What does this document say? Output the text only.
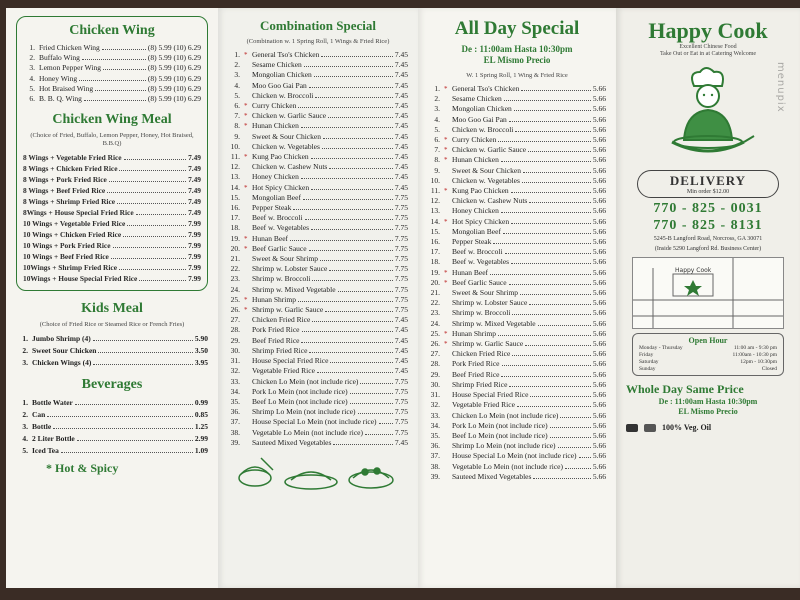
Chicken Wing
1. Fried Chicken Wing	(8) 5.99 (10) 6.29
2. Buffalo Wing	(8) 5.99 (10) 6.29
3. Lemon Pepper Wing	(8) 5.99 (10) 6.29
4. Honey Wing	(8) 5.99 (10) 6.29
5. Hot Braised Wing	(8) 5.99 (10) 6.29
6. B. B. Q. Wing	(8) 5.99 (10) 6.29
Chicken Wing Meal
(Choice of Fried, Buffalo, Lemon Pepper, Honey, Hot Braised, B.B.Q)
8 Wings + Vegetable Fried Rice	7.49
8 Wings + Chicken Fried Rice	7.49
8 Wings + Pork Fried Rice	7.49
8 Wings + Beef Fried Rice	7.49
8 Wings + Shrimp Fried Rice	7.49
8Wings + House Special Fried Rice	7.49
10 Wings + Vegetable Fried Rice	7.99
10 Wings + Chicken Fried Rice	7.99
10 Wings + Pork Fried Rice	7.99
10 Wings + Beef Fried Rice	7.99
10Wings + Shrimp Fried Rice	7.99
10Wings + House Special Fried Rice	7.99
Kids Meal
(Choice of Fried Rice or Steamed Rice or French Fries)
1. Jumbo Shrimp (4)	5.90
2. Sweet Sour Chicken	3.50
3. Chicken Wings (4)	3.95
Beverages
1. Bottle Water	0.99
2. Can	0.85
3. Bottle	1.25
4. 2 Liter Bottle	2.99
5. Iced Tea	1.09
* Hot & Spicy
Combination Special
(Combination w. 1 Spring Roll, 1 Wings & Fried Rice)
1. * General Tso's Chicken	7.45
2. Sesame Chicken	7.45
3. Mongolian Chicken	7.45
4. Moo Goo Gai Pan	7.45
5. Chicken w. Broccoli	7.45
6. * Curry Chicken	7.45
7. * Chicken w. Garlic Sauce	7.45
8. * Hunan Chicken	7.45
9. Sweet & Sour Chicken	7.45
10. Chicken w. Vegetables	7.45
11. * Kung Pao Chicken	7.45
12. Chicken w. Cashew Nuts	7.45
13. Honey Chicken	7.45
14. * Hot Spicy Chicken	7.45
15. Mongolian Beef	7.75
16. Pepper Steak	7.75
17. Beef w. Broccoli	7.75
18. Beef w. Vegetables	7.75
19. * Hunan Beef	7.75
20. * Beef Garlic Sauce	7.75
21. Sweet & Sour Shrimp	7.75
22. Shrimp w. Lobster Sauce	7.75
23. Shrimp w. Broccoli	7.75
24. Shrimp w. Mixed Vegetable	7.75
25. * Hunan Shrimp	7.75
26. * Shrimp w. Garlic Sauce	7.75
27. Chicken Fried Rice	7.45
28. Pork Fried Rice	7.45
29. Beef Fried Rice	7.45
30. Shrimp Fried Rice	7.45
31. House Special Fried Rice	7.45
32. Vegetable Fried Rice	7.45
33. Chicken Lo Mein (not include rice)	7.75
34. Pork Lo Mein (not include rice)	7.75
35. Beef Lo Mein (not include rice)	7.75
36. Shrimp Lo Mein (not include rice)	7.75
37. House Special Lo Mein (not include rice) 7.75
38. Vegetable Lo Mein (not include rice)	7.75
39. Sauteed Mixed Vegetables	7.45
All Day Special
De : 11:00am Hasta 10:30pm
EL Mismo Precio
W. 1 Spring Roll, 1 Wing & Fried Rice
1. * General Tso's Chicken	5.66
2. Sesame Chicken	5.66
3. Mongolian Chicken	5.66
4. Moo Goo Gai Pan	5.66
5. Chicken w. Broccoli	5.66
6. * Curry Chicken	5.66
7. * Chicken w. Garlic Sauce	5.66
8. * Hunan Chicken	5.66
9. Sweet & Sour Chicken	5.66
10. Chicken w. Vegetables	5.66
11. * Kung Pao Chicken	5.66
12. Chicken w. Cashew Nuts	5.66
13. Honey Chicken	5.66
14. * Hot Spicy Chicken	5.66
15. Mongolian Beef	5.66
16. Pepper Steak	5.66
17. Beef w. Broccoli	5.66
18. Beef w. Vegetables	5.66
19. * Hunan Beef	5.66
20. * Beef Garlic Sauce	5.66
21. Sweet & Sour Shrimp	5.66
22. Shrimp w. Lobster Sauce	5.66
23. Shrimp w. Broccoli	5.66
24. Shrimp w. Mixed Vegetable	5.66
25. * Hunan Shrimp	5.66
26. * Shrimp w. Garlic Sauce	5.66
27. Chicken Fried Rice	5.66
28. Pork Fried Rice	5.66
29. Beef Fried Rice	5.66
30. Shrimp Fried Rice	5.66
31. House Special Fried Rice	5.66
32. Vegetable Fried Rice	5.66
33. Chicken Lo Mein (not include rice)	5.66
34. Pork Lo Mein (not include rice)	5.66
35. Beef Lo Mein (not include rice)	5.66
36. Shrimp Lo Mein (not include rice)	5.66
37. House Special Lo Mein (not include rice) 5.66
38. Vegetable Lo Mein (not include rice)	5.66
39. Sauteed Mixed Vegetables	5.66
Happy Cook
Excellent Chinese Food
Take Out or Eat in at Catering Welcome
menupix
DELIVERY
Min order $12.00
770 - 825 - 0031
770 - 825 - 8131
5245-B Langford Road, Norcross, GA 30071
(Inside 5290 Langford Rd. Business Center)
Happy Cook
Open Hour
Monday - Thursday	11:00 am - 9:30 pm
Friday	11:00am - 10:30 pm
Saturday	12pm - 10:30pm
Sunday	Closed
Whole Day Same Price
De : 11:00am Hasta 10:30pm
EL Mismo Precio
100% Veg. Oil
